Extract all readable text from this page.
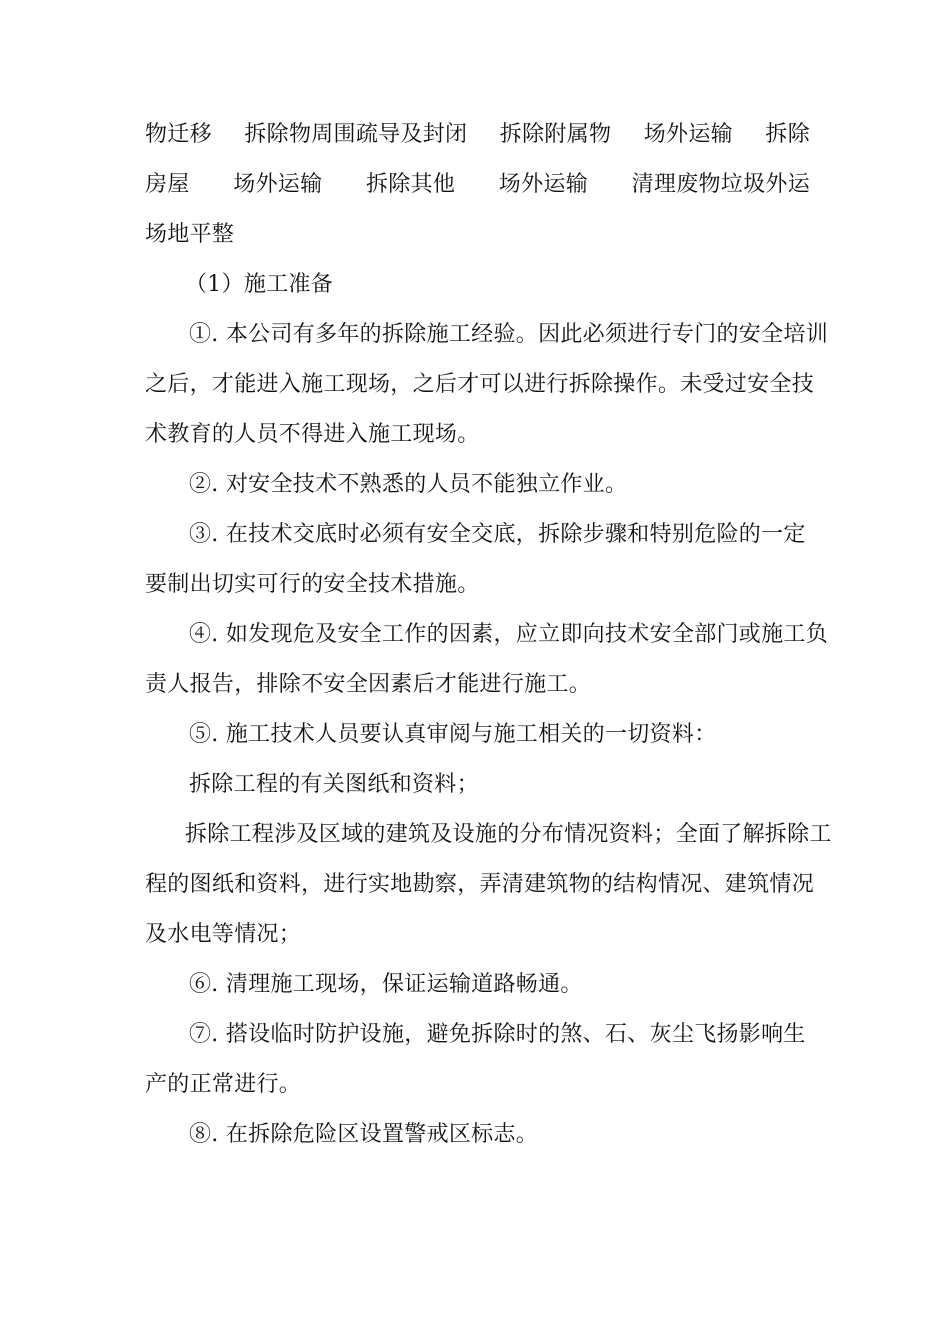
物迁移 拆除物周围疏导及封闭 拆除附属物 场外运输 拆除
房屋 场外运输 拆除其他 场外运输 清理废物垃圾外运
场地平整
（1）施工准备
①. 本公司有多年的拆除施工经验。因此必须进行专门的安全培训
之后，才能进入施工现场，之后才可以进行拆除操作。未受过安全技
术教育的人员不得进入施工现场。
②. 对安全技术不熟悉的人员不能独立作业。
③. 在技术交底时必须有安全交底，拆除步骤和特别危险的一定
要制出切实可行的安全技术措施。
④. 如发现危及安全工作的因素，应立即向技术安全部门或施工负
责人报告，排除不安全因素后才能进行施工。
⑤. 施工技术人员要认真审阅与施工相关的一切资料：
拆除工程的有关图纸和资料；
拆除工程涉及区域的建筑及设施的分布情况资料；全面了解拆除工
程的图纸和资料，进行实地勘察，弄清建筑物的结构情况、建筑情况
及水电等情况；
⑥. 清理施工现场，保证运输道路畅通。
⑦. 搭设临时防护设施，避免拆除时的煞、石、灰尘飞扬影响生
产的正常进行。
⑧. 在拆除危险区设置警戒区标志。
